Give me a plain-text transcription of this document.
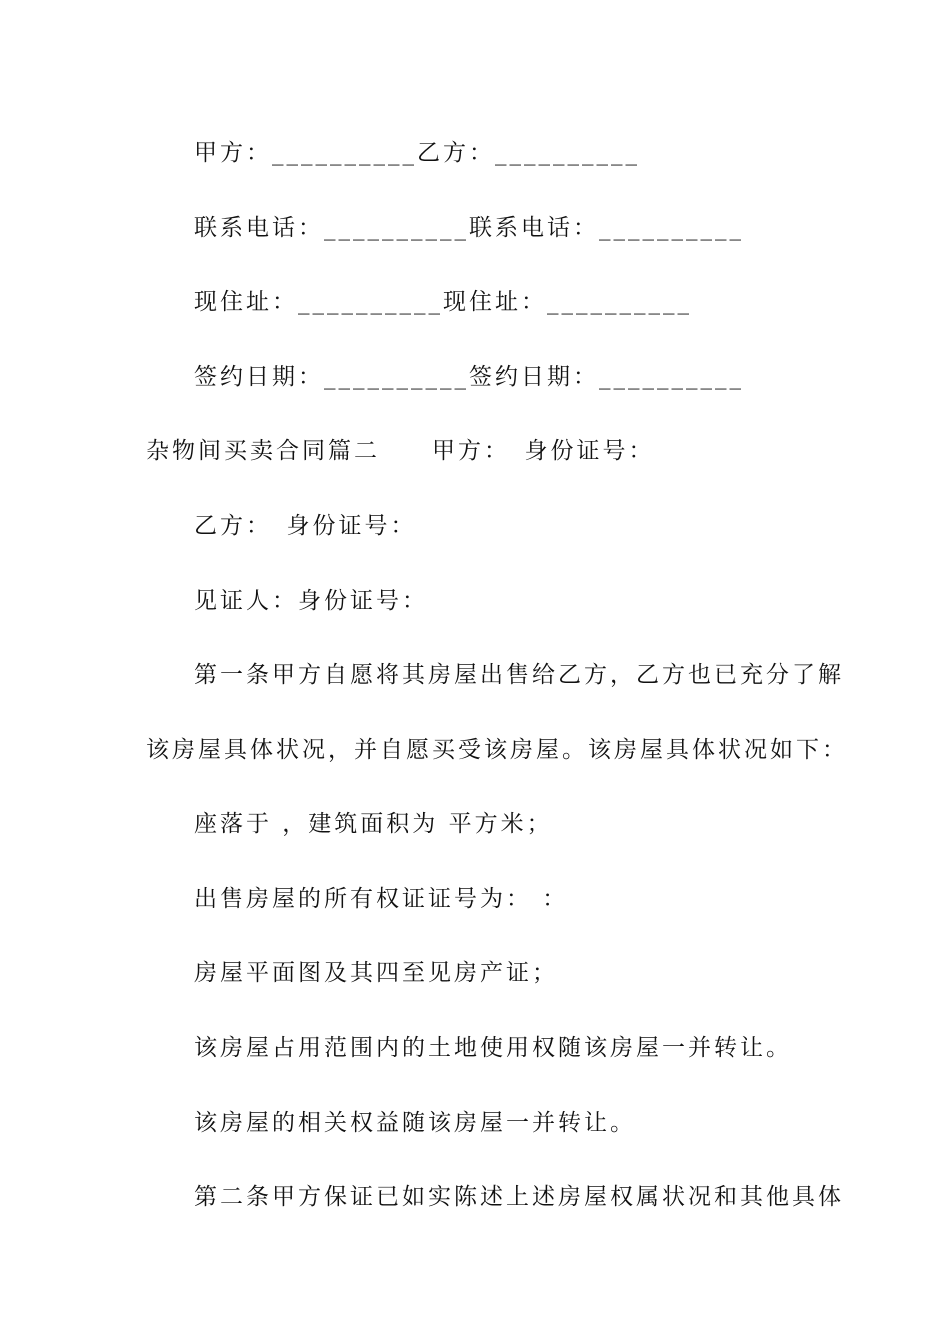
甲方：__________乙方：__________
联系电话：__________联系电话：__________
现住址：__________现住址：__________
签约日期：__________签约日期：__________
杂物间买卖合同篇二　　甲方：　身份证号：
乙方：　身份证号：
见证人：身份证号：
第一条甲方自愿将其房屋出售给乙方，乙方也已充分了解
该房屋具体状况，并自愿买受该房屋。该房屋具体状况如下：
座落于 ，建筑面积为 平方米；
出售房屋的所有权证证号为： ：
房屋平面图及其四至见房产证；
该房屋占用范围内的土地使用权随该房屋一并转让。
该房屋的相关权益随该房屋一并转让。
第二条甲方保证已如实陈述上述房屋权属状况和其他具体
